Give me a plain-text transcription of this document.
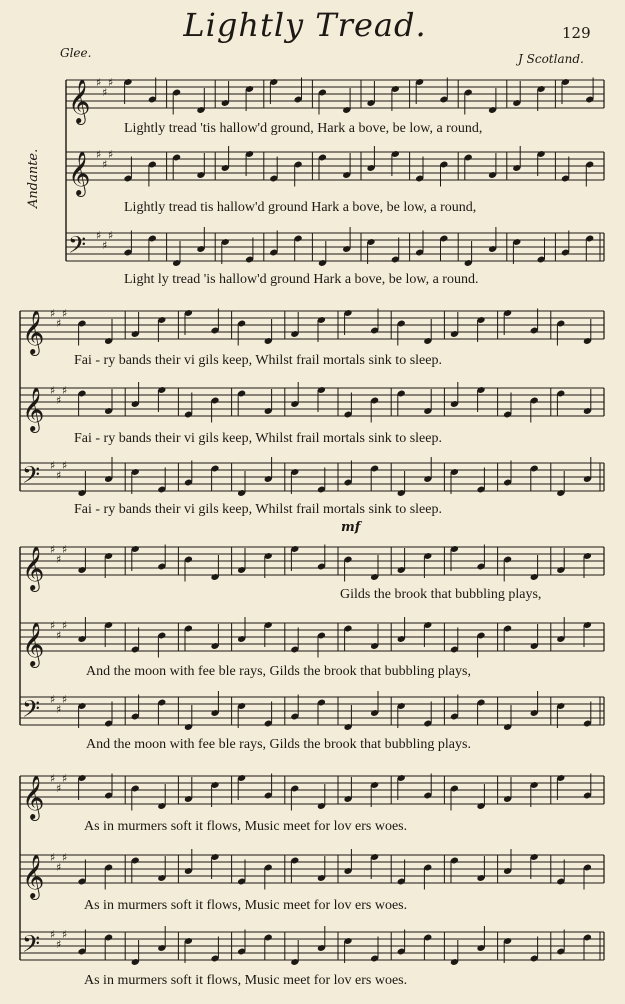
Lightly Tread.	129
Glee.	J Scotland.
Andante.
mf
𝄞 ♯
♯
♯
𝄞 ♯
♯
♯
𝄢 ♯
♯
♯
𝄞 ♯
♯
♯
𝄞 ♯
♯
♯
𝄢 ♯
♯
♯
𝄞 ♯
♯
♯
𝄞 ♯
♯
♯
𝄢 ♯
♯
♯
𝄞 ♯
♯
♯
𝄞 ♯
♯
♯
𝄢 ♯
♯
♯
Lightly tread 'tis hallow'd ground, Hark a bove, be low, a round,
Lightly tread tis hallow'd ground Hark a bove, be low, a round,
Light ly tread 'is hallow'd ground Hark a bove, be low, a round.
Fai - ry bands their vi gils keep, Whilst frail mortals sink to sleep.
Fai - ry bands their vi gils keep, Whilst frail mortals sink to sleep.
Fai - ry bands their vi gils keep, Whilst frail mortals sink to sleep.
Gilds the brook that bubbling plays,
And the moon with fee ble rays, Gilds the brook that bubbling plays,
And the moon with fee ble rays, Gilds the brook that bubbling plays.
As in murmers soft it flows, Music meet for lov ers woes.
As in murmers soft it flows, Music meet for lov ers woes.
As in murmers soft it flows, Music meet for lov ers woes.
